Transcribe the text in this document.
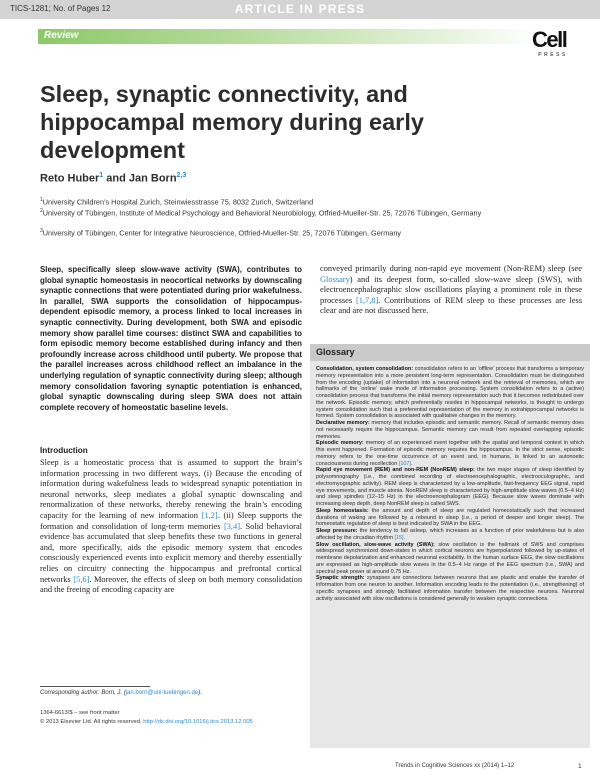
TICS-1281; No. of Pages 12	ARTICLE IN PRESS
Review	Cell
PRESS
Sleep, synaptic connectivity, and hippocampal memory during early development
Reto Huber$^1$ and Jan Born$^{2,3}$
$^1$University Children’s Hospital Zurich, Steinwiesstrasse 75, 8032 Zurich, Switzerland
$^2$University of Tübingen, Institute of Medical Psychology and Behavioral Neurobiology, Otfried-Mueller-Str. 25, 72076 Tübingen, Germany
$^3$University of Tübingen, Center for Integrative Neuroscience, Otfried-Mueller-Str. 25, 72076 Tübingen, Germany

Sleep, specifically sleep slow-wave activity (SWA), contributes to global synaptic homeostasis in neocortical networks by downscaling synaptic connections that were potentiated during prior wakefulness. In parallel, SWA supports the consolidation of hippocampus-dependent episodic memory, a process linked to local increases in synaptic connectivity. During development, both SWA and episodic memory show parallel time courses: distinct SWA and capabilities to form episodic memory become established during infancy and then profoundly increase across childhood until puberty. We propose that the parallel increases across childhood reflect an imbalance in the underlying regulation of synaptic connectivity during sleep; although memory consolidation favoring synaptic potentiation is enhanced, global synaptic downscaling during sleep SWA does not attain complete recovery of homeostatic baseline levels.

Introduction

Sleep is a homeostatic process that is assumed to support the brain’s information processing in two different ways. (i) Because the encoding of information during wakefulness leads to widespread synaptic potentiation in neuronal networks, sleep mediates a global synaptic downscaling and renormalization of these networks, thereby renewing the brain’s encoding capacity for the learning of new information [1,2]. (ii) Sleep supports the formation and consolidation of long-term memories [3,4]. Solid behavioral evidence has accumulated that sleep benefits these two functions in general and, more specifically, aids the episodic memory system that encodes consciously experienced events into explicit memory and thereby essentially relies on circuitry connecting the hippocampus and prefrontal cortical networks [5,6]. Moreover, the effects of sleep on both memory consolidation and the freeing of encoding capacity are

Corresponding author: Born, J. (jan.born@uni-tuebingen.de).
1364-6613/$ – see front matter
© 2013 Elsevier Ltd. All rights reserved. http://dx.doi.org/10.1016/j.tics.2013.12.005

conveyed primarily during non-rapid eye movement (Non-REM) sleep (see Glossary) and its deepest form, so-called slow-wave sleep (SWS), with electroencephalographic slow oscillations playing a prominent role in these processes [1,7,8]. Contributions of REM sleep to these processes are less clear and are not discussed here.

Glossary

Consolidation, system consolidation: consolidation refers to an ‘offline’ process that transforms a temporary memory representation into a more persistent long-term representation. Consolidation must be distinguished from the encoding (uptake) of information into a neuronal network and the retrieval of memories, which are hallmarks of the ‘online’ wake mode of information processing. System consolidation refers to a (active) consolidation process that transforms the initial memory representation such that it becomes redistributed over the network. Episodic memory, which preferentially resides in hippocampal networks, is thought to undergo system consolidation such that a preferential representation of the memory in extrahippocampal networks is formed. System consolidation is associated with qualitative changes in the memory.

Declarative memory: memory that includes episodic and semantic memory. Recall of semantic memory does not necessarily require the hippocampus. Semantic memory can result from repeated overlapping episodic memories.

Episodic memory: memory of an experienced event together with the spatial and temporal context in which this event happened. Formation of episodic memory requires the hippocampus. In the strict sense, episodic memory refers to the one-time occurrence of an event and, in humans, is linked to an autonoetic consciousness during recollection [107].

Rapid eye movement (REM) and non-REM (NonREM) sleep: the two major stages of sleep identified by polysomnography (i.e., the combined recording of electroencephalographic, electrooculographic, and electromyographic activity). REM sleep is characterized by a low-amplitude, fast-frequency EEG signal, rapid eye movements, and muscle atonia. NonREM sleep is characterized by high-amplitude slow waves (0.5–4 Hz) and sleep spindles (12–15 Hz) in the electroencephalogram (EEG). Because slow waves dominate with increasing sleep depth, deep NonREM sleep is called SWS.

Sleep homeostasis: the amount and depth of sleep are regulated homeostatically such that increased durations of waking are followed by a rebound in sleep (i.e., a period of deeper and longer sleep). The homeostatic regulation of sleep is best indicated by SWA in the EEG.

Sleep pressure: the tendency to fall asleep, which increases as a function of prior wakefulness but is also affected by the circadian rhythm [15].

Slow oscillation, slow-wave activity (SWA): slow oscillation is the hallmark of SWS and comprises widespread synchronized down-states in which cortical neurons are hyperpolarized followed by up-states of membrane depolarization and enhanced neuronal excitability. In the human surface EEG, the slow oscillations are expressed as high-amplitude slow waves in the 0.5–4 Hz range of the EEG spectrum (i.e., SWA) and spectral peak power at around 0.75 Hz.

Synaptic strength: synapses are connections between neurons that are plastic and enable the transfer of information from one neuron to another. Information encoding leads to the potentiation (i.e., strengthening) of specific synapses and strongly facilitated information transfer between the respective neurons. Neuronal activity associated with slow oscillations is considered generally to weaken synaptic connections.

Trends in Cognitive Sciences xx (2014) 1–12	1
